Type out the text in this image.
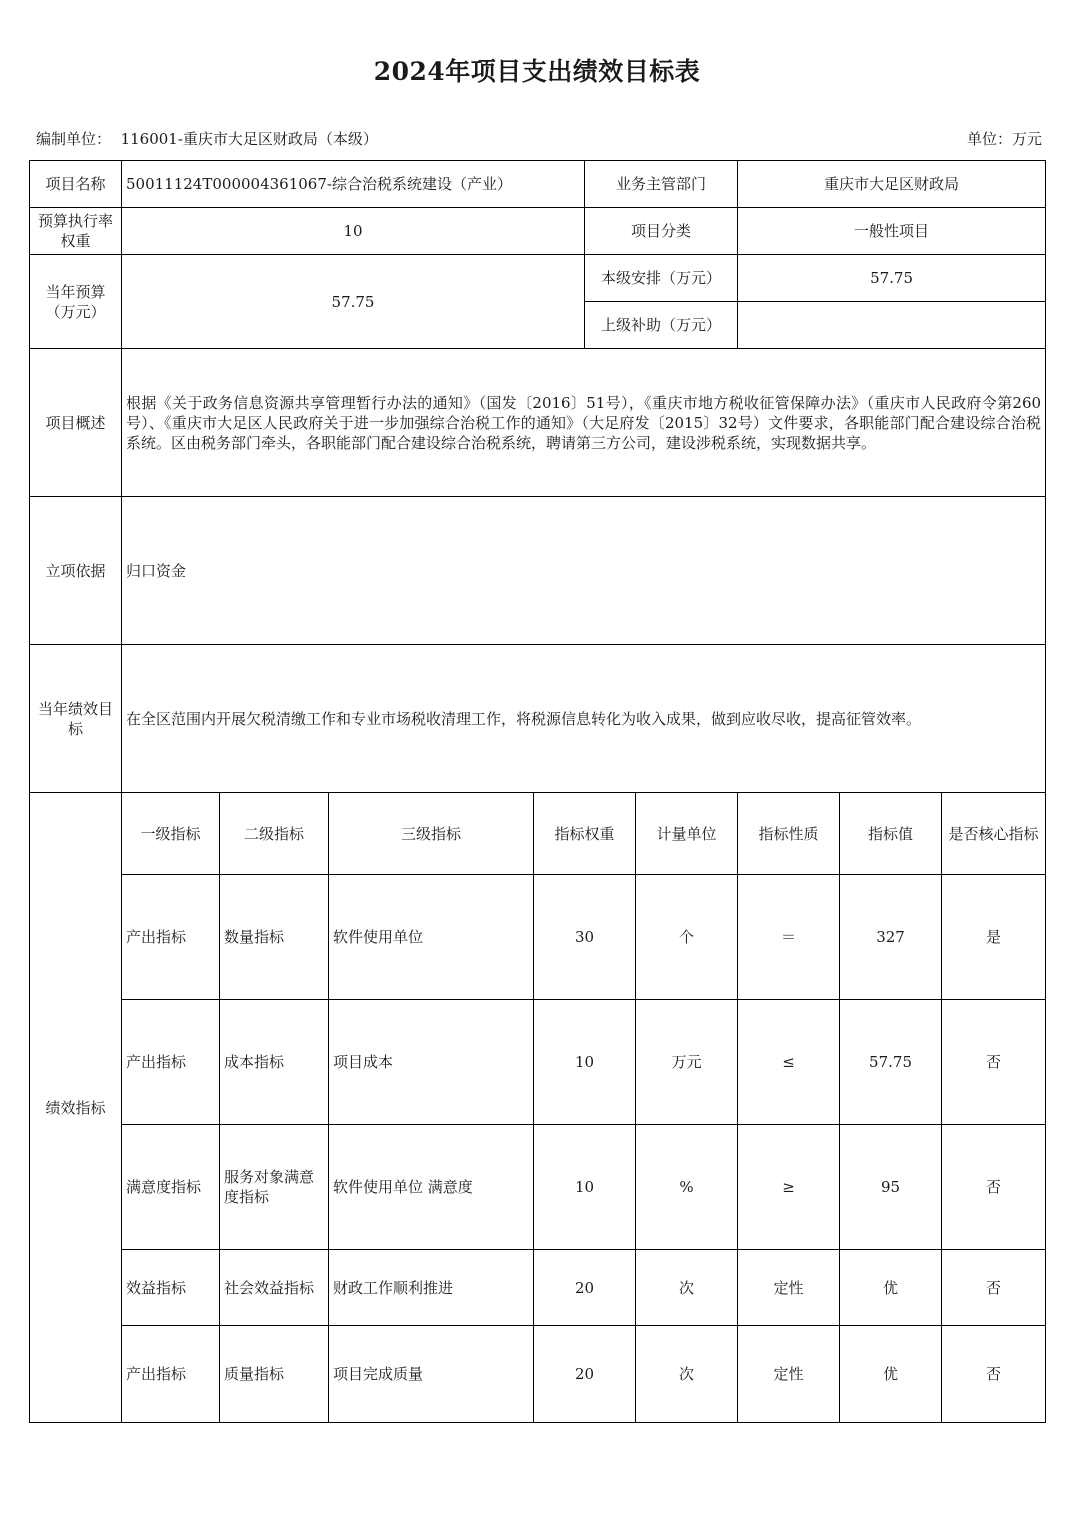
2024年项目支出绩效目标表
编制单位： 116001-重庆市大足区财政局（本级）	单位：万元
项目名称	50011124T000004361067-综合治税系统建设（产业）				业务主管部门		重庆市大足区财政局		
预算执行率权重	10				项目分类		一般性项目		
当年预算（万元）	57.75				本级安排（万元）		57.75		
					上级补助（万元）				
项目概述	根据《关于政务信息资源共享管理暂行办法的通知》（国发〔2016〕51号），《重庆市地方税收征管保障办法》（重庆市人民政府令第260号）、《重庆市大足区人民政府关于进一步加强综合治税工作的通知》（大足府发〔2015〕32号）文件要求，各职能部门配合建设综合治税系统。区由税务部门牵头，各职能部门配合建设综合治税系统，聘请第三方公司，建设涉税系统，实现数据共享。								
立项依据	归口资金								
当年绩效目标	在全区范围内开展欠税清缴工作和专业市场税收清理工作，将税源信息转化为收入成果，做到应收尽收，提高征管效率。								
绩效指标	一级指标	二级指标	三级指标	指标权重		计量单位	指标性质	指标值	是否核心指标
	产出指标	数量指标	软件使用单位	30		个	＝	327	是
	产出指标	成本指标	项目成本	10		万元	≤	57.75	否
	满意度指标	服务对象满意度指标	软件使用单位 满意度	10		%	≥	95	否
	效益指标	社会效益指标	财政工作顺利推进	20		次	定性	优	否
	产出指标	质量指标	项目完成质量	20		次	定性	优	否
